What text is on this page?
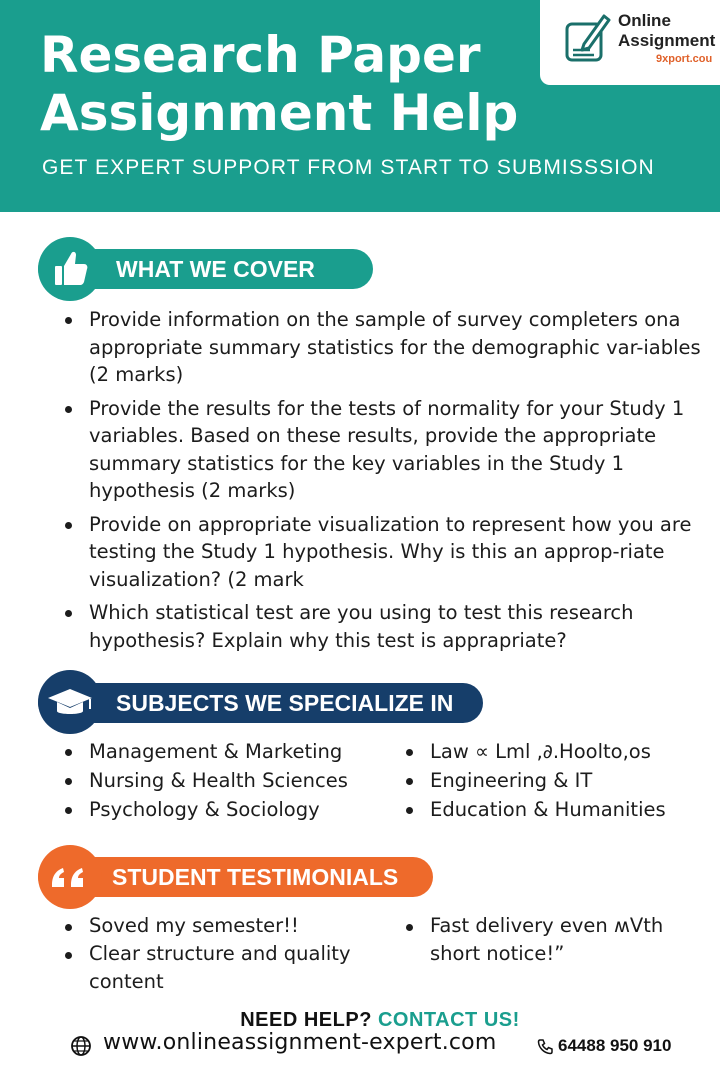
Research Paper Assignment Help
GET EXPERT SUPPORT FROM START TO SUBMISSSION
Online
Assignment
9xport.cou
WHAT WE COVER
Provide information on the sample of survey completers ona appropriate summary statistics for the demographic var-iables (2 marks)
Provide the results for the tests of normality for your Study 1 variables. Based on these results, provide the appropriate summary statistics for the key variables in the Study 1 hypothesis (2 marks)
Provide on appropriate visualization to represent how you are testing the Study 1 hypothesis. Why is this an approp-riate visualization? (2 mark
Which statistical test are you using to test this research hypothesis? Explain why this test is apprapriate?
SUBJECTS WE SPECIALIZE IN
Management & Marketing
Nursing & Health Sciences
Psychology & Sociology
Law ∝ Lml ,∂.Hoolto,os
Engineering & IT
Education & Humanities
STUDENT TESTIMONIALS
Soved my semester!!
Clear structure and quality content
Fast delivery even ʍVth short notice!”
NEED HELP? CONTACT US!
www.onlineassignment-expert.com	64488 950 910
